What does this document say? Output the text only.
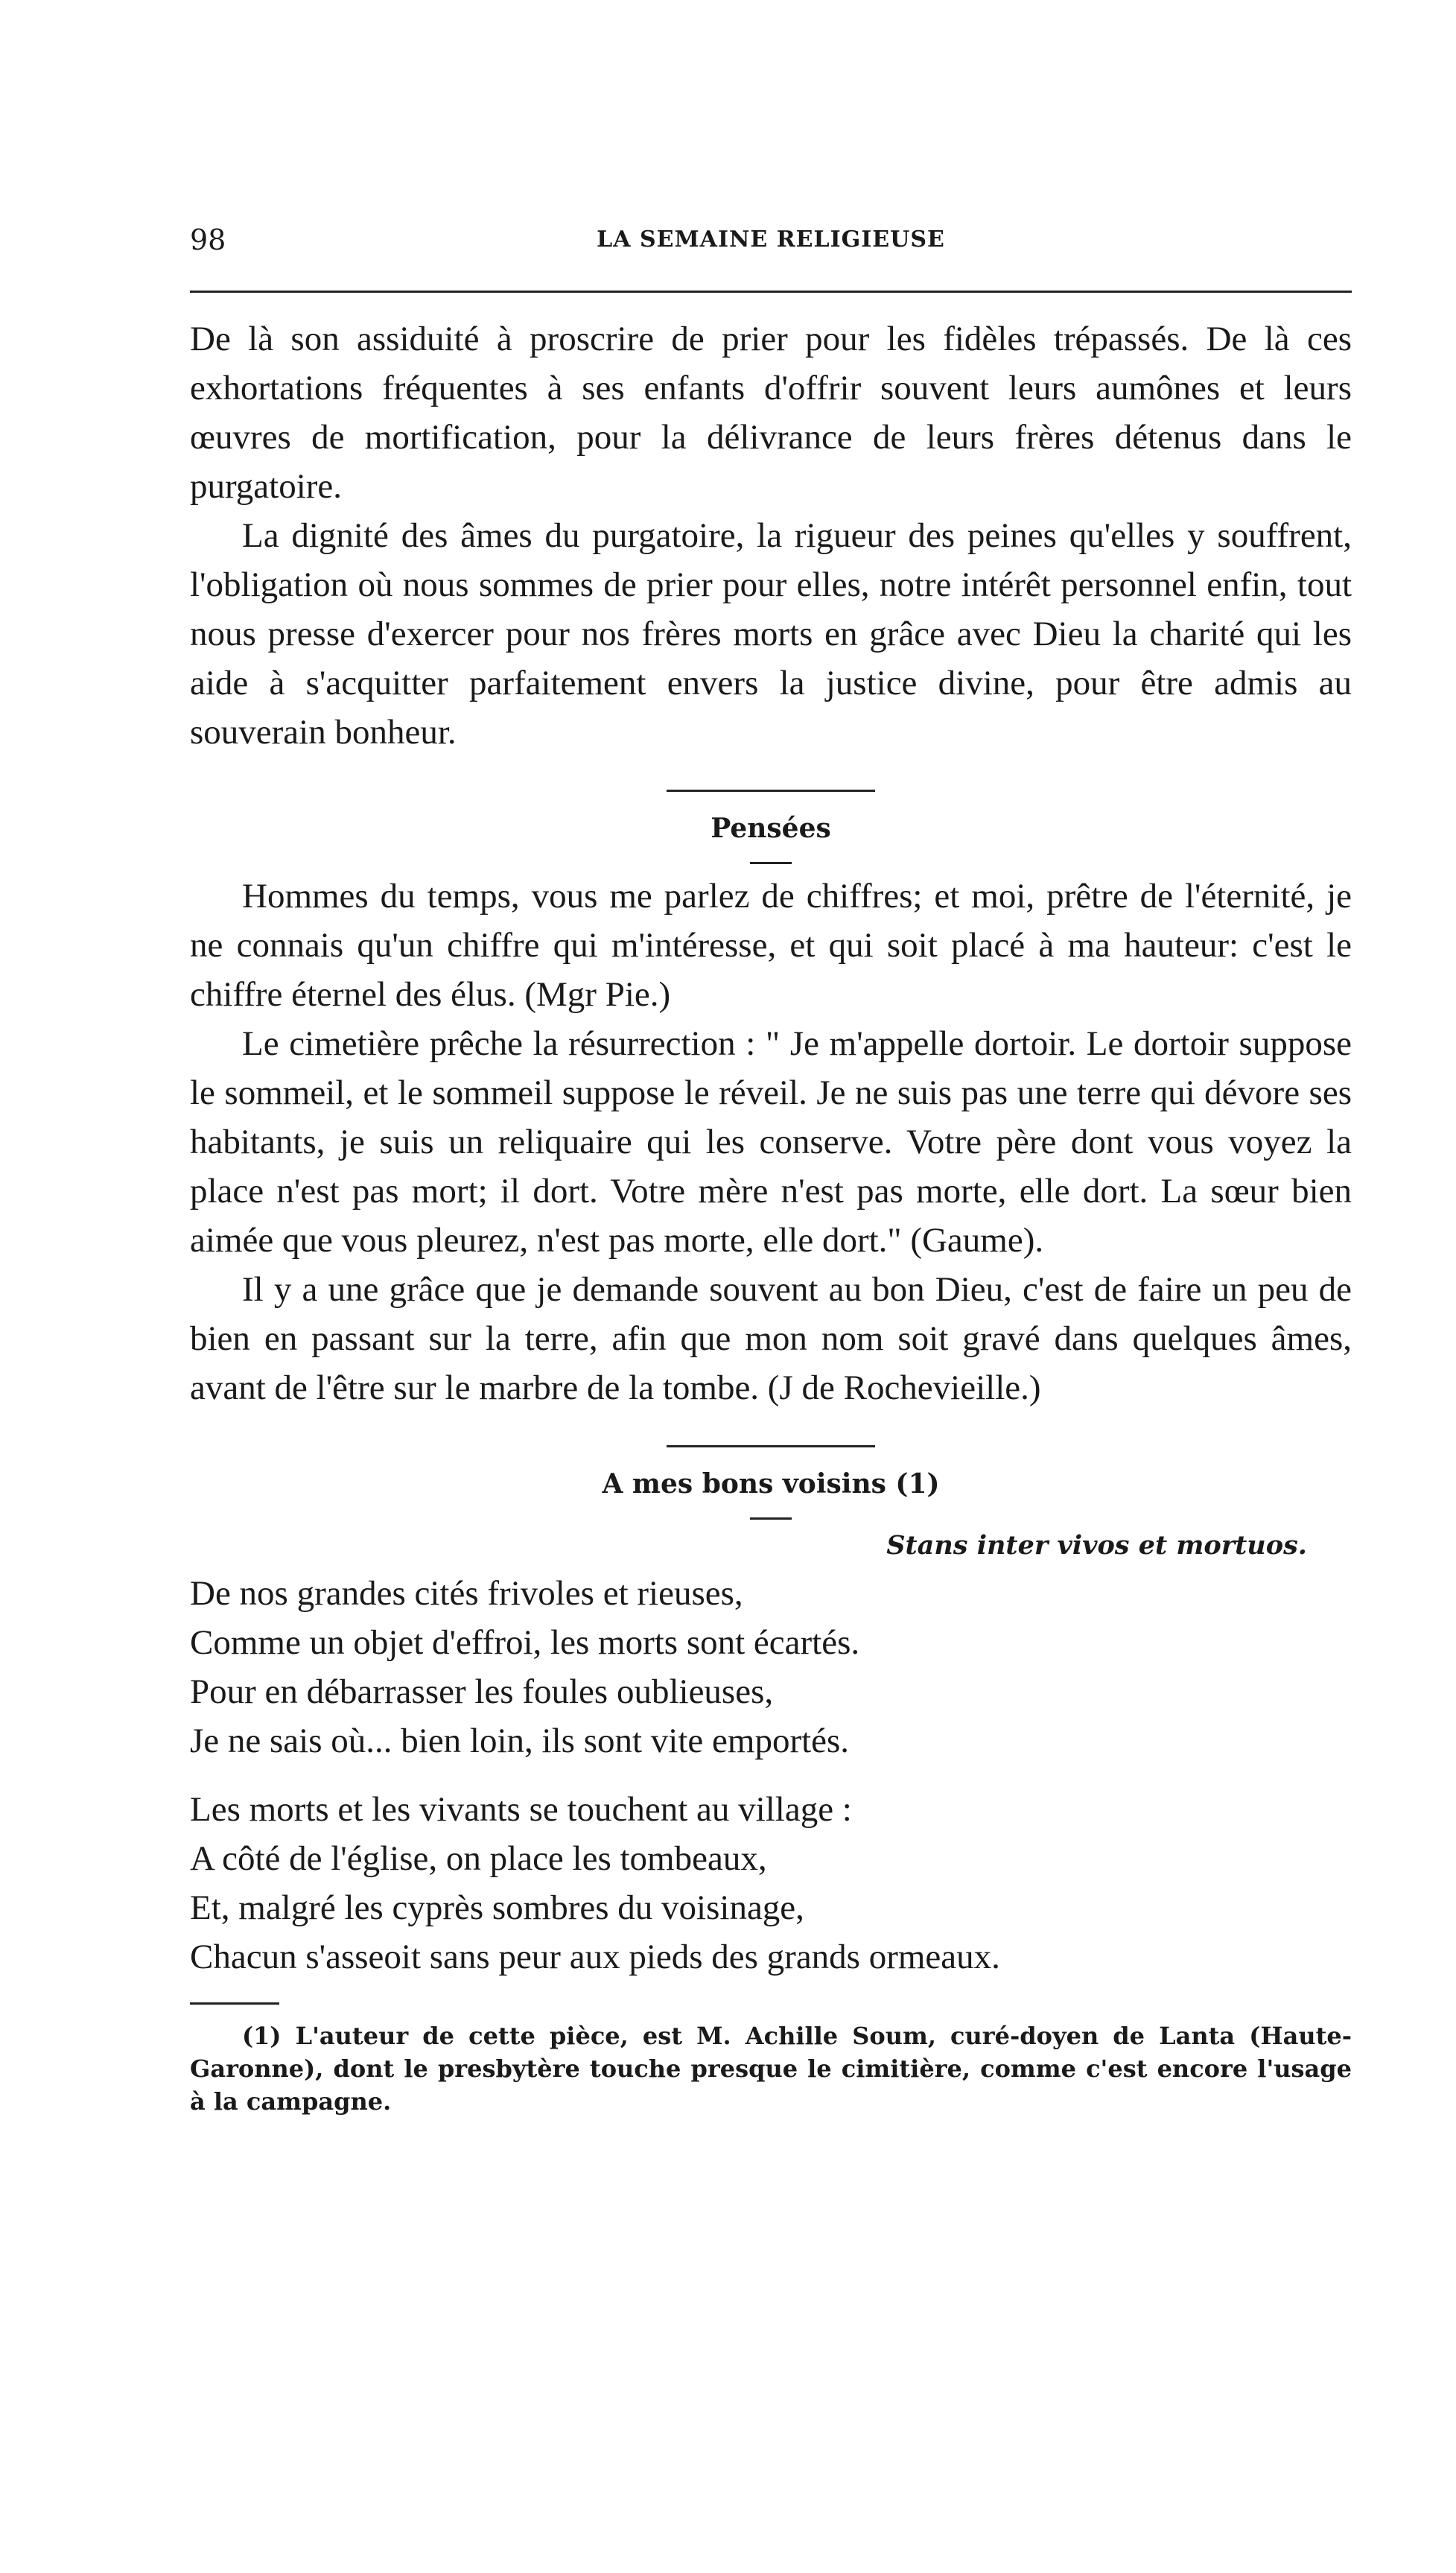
98	LA SEMAINE RELIGIEUSE

De là son assiduité à proscrire de prier pour les fidèles trépassés. De là ces exhortations fréquentes à ses enfants d'offrir souvent leurs aumônes et leurs œuvres de mortification, pour la délivrance de leurs frères détenus dans le purgatoire.

La dignité des âmes du purgatoire, la rigueur des peines qu'elles y souffrent, l'obligation où nous sommes de prier pour elles, notre intérêt personnel enfin, tout nous presse d'exercer pour nos frères morts en grâce avec Dieu la charité qui les aide à s'acquitter parfaitement envers la justice divine, pour être admis au souverain bonheur.

Pensées

Hommes du temps, vous me parlez de chiffres; et moi, prêtre de l'éternité, je ne connais qu'un chiffre qui m'intéresse, et qui soit placé à ma hauteur: c'est le chiffre éternel des élus. (Mgr Pie.)

Le cimetière prêche la résurrection : " Je m'appelle dortoir. Le dortoir suppose le sommeil, et le sommeil suppose le réveil. Je ne suis pas une terre qui dévore ses habitants, je suis un reliquaire qui les conserve. Votre père dont vous voyez la place n'est pas mort; il dort. Votre mère n'est pas morte, elle dort. La sœur bien aimée que vous pleurez, n'est pas morte, elle dort." (Gaume).

Il y a une grâce que je demande souvent au bon Dieu, c'est de faire un peu de bien en passant sur la terre, afin que mon nom soit gravé dans quelques âmes, avant de l'être sur le marbre de la tombe. (J de Rochevieille.)

A mes bons voisins (1)
Stans inter vivos et mortuos.
De nos grandes cités frivoles et rieuses,
Comme un objet d'effroi, les morts sont écartés.
Pour en débarrasser les foules oublieuses,
Je ne sais où... bien loin, ils sont vite emportés.
Les morts et les vivants se touchent au village :
A côté de l'église, on place les tombeaux,
Et, malgré les cyprès sombres du voisinage,
Chacun s'asseoit sans peur aux pieds des grands ormeaux.

(1) L'auteur de cette pièce, est M. Achille Soum, curé-doyen de Lanta (Haute-Garonne), dont le presbytère touche presque le cimitière, comme c'est encore l'usage à la campagne.
